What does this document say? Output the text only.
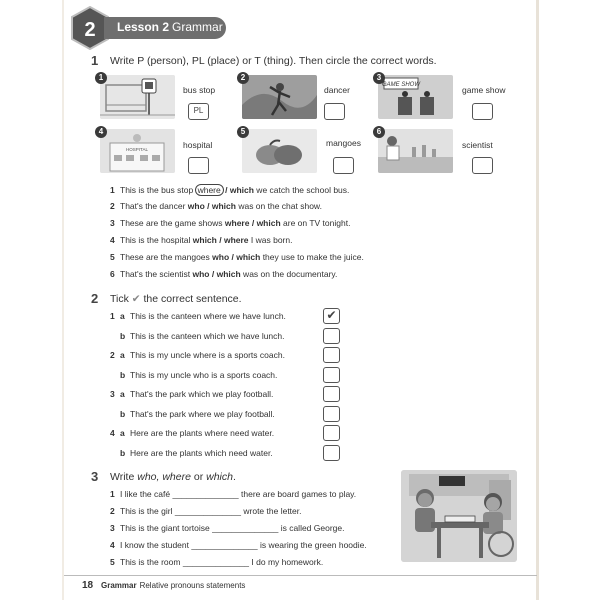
2 Lesson 2 Grammar
1 Write P (person), PL (place) or T (thing). Then circle the correct words.
1
bus stop
PL
2
dancer	GAME SHOW
3
game show
HOSPITAL
4
hospital
5
mangoes
6
scientist
1 This is the bus stop where / which we catch the school bus.
2 That's the dancer who / which was on the chat show.
3 These are the game shows where / which are on TV tonight.
4 This is the hospital which / where I was born.
5 These are the mangoes who / which they use to make the juice.
6 That's the scientist who / which was on the documentary.
2 Tick ✔ the correct sentence.
1 a This is the canteen where we have lunch.	✔
b This is the canteen which we have lunch.
2 a This is my uncle where is a sports coach.
b This is my uncle who is a sports coach.
3 a That's the park which we play football.
b That's the park where we play football.
4 a Here are the plants where need water.
b Here are the plants which need water.
3 Write who, where or which.
1 I like the café ______________ there are board games to play.
2 This is the girl ______________ wrote the letter.
3 This is the giant tortoise ______________ is called George.
4 I know the student ______________ is wearing the green hoodie.
5 This is the room ______________ I do my homework.
18 Grammar Relative pronouns statements
